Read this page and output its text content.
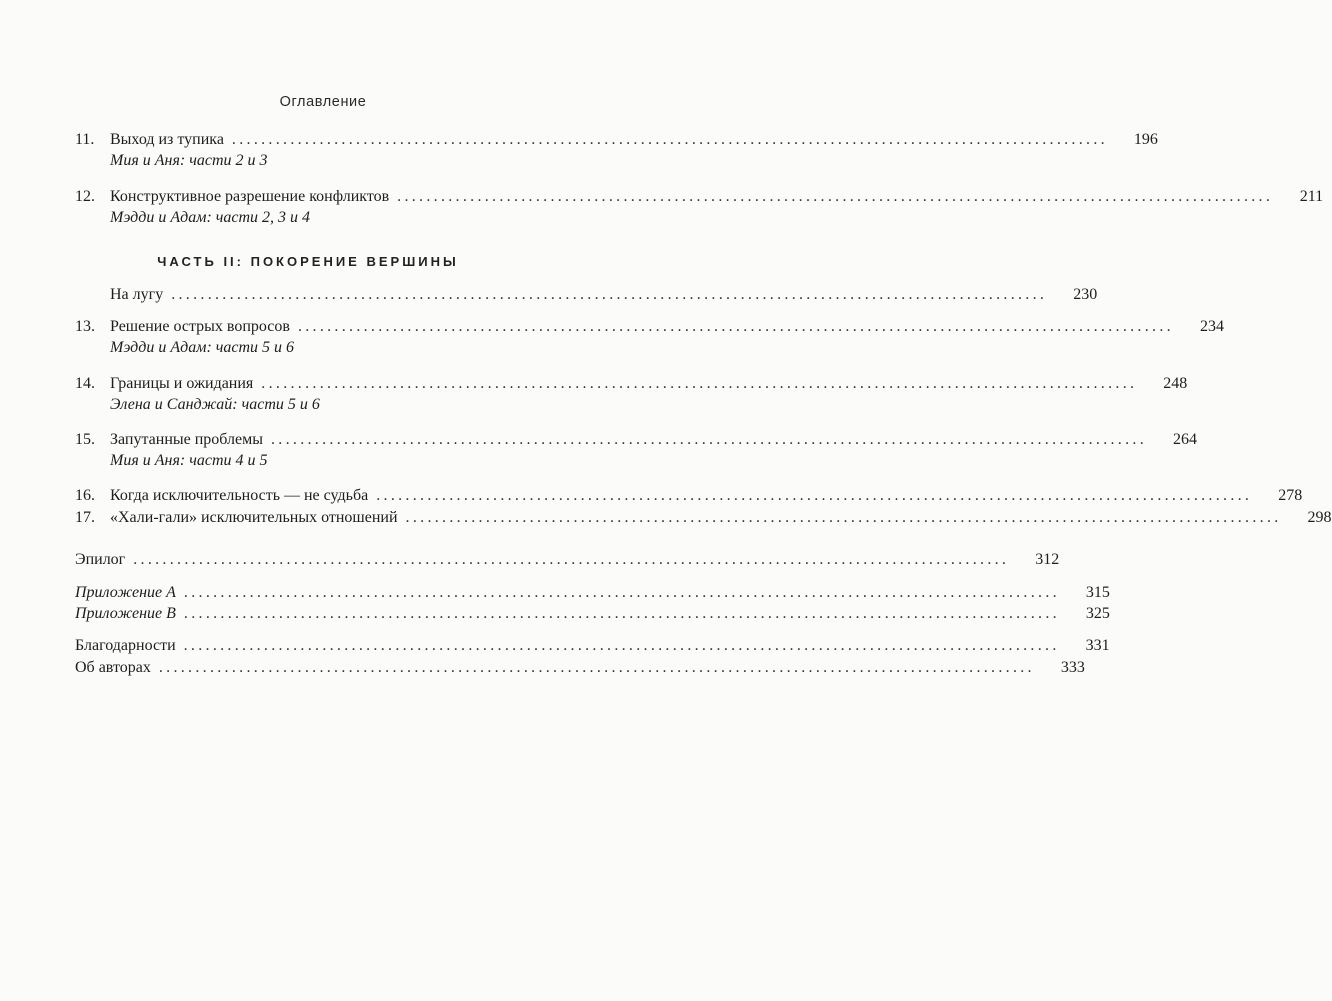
Оглавление
ЧАСТЬ II: ПОКОРЕНИЕ ВЕРШИНЫ
11. Выход из тупика ........................................................................................................................	196
Мия и Аня: части 2 и 3
12. Конструктивное разрешение конфликтов ........................................................................................................................	211
Мэдди и Адам: части 2, 3 и 4
На лугу ........................................................................................................................	230
13. Решение острых вопросов ........................................................................................................................	234
Мэдди и Адам: части 5 и 6
14. Границы и ожидания ........................................................................................................................	248
Элена и Санджай: части 5 и 6
15. Запутанные проблемы ........................................................................................................................	264
Мия и Аня: части 4 и 5
16. Когда исключительность — не судьба ........................................................................................................................	278
17. «Хали-гали» исключительных отношений ........................................................................................................................	298
Эпилог ........................................................................................................................	312
Приложение А ........................................................................................................................	315
Приложение В ........................................................................................................................	325
Благодарности ........................................................................................................................	331
Об авторах ........................................................................................................................	333
